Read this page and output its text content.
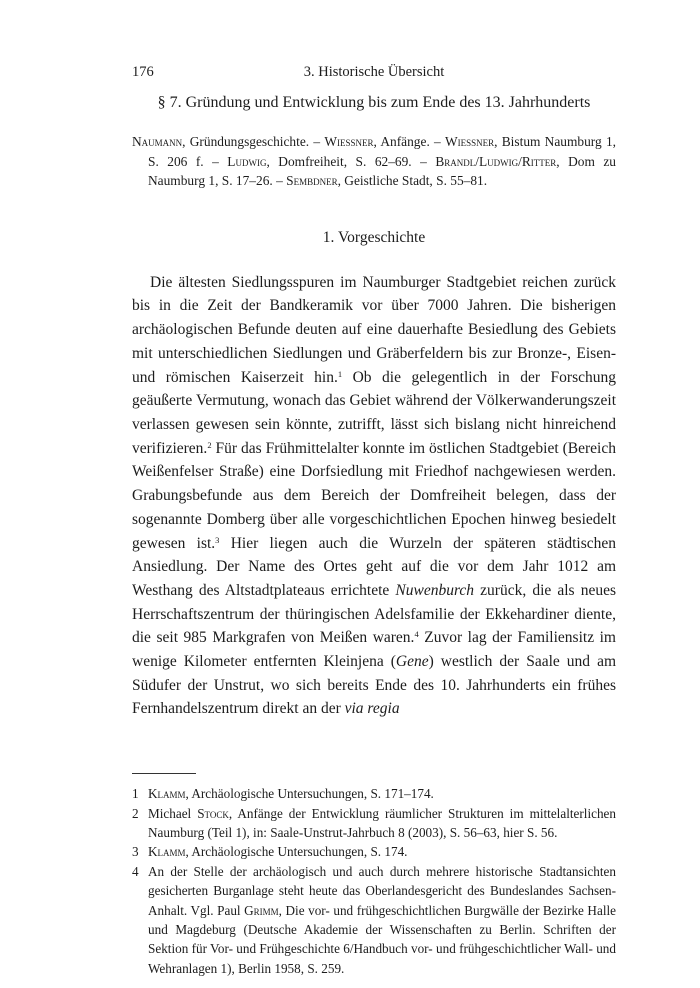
176	3. Historische Übersicht
§ 7. Gründung und Entwicklung bis zum Ende des 13. Jahrhunderts

Naumann, Gründungsgeschichte. – Wiessner, Anfänge. – Wiessner, Bistum Naumburg 1, S. 206 f. – Ludwig, Domfreiheit, S. 62–69. – Brandl/Ludwig/Ritter, Dom zu Naumburg 1, S. 17–26. – Sembdner, Geistliche Stadt, S. 55–81.

1. Vorgeschichte

Die ältesten Siedlungsspuren im Naumburger Stadtgebiet reichen zurück bis in die Zeit der Bandkeramik vor über 7000 Jahren. Die bisherigen archäologischen Befunde deuten auf eine dauerhafte Besiedlung des Gebiets mit unterschiedlichen Siedlungen und Gräberfeldern bis zur Bronze-, Eisen- und römischen Kaiserzeit hin.$^1$ Ob die gelegentlich in der Forschung geäußerte Vermutung, wonach das Gebiet während der Völkerwanderungszeit verlassen gewesen sein könnte, zutrifft, lässt sich bislang nicht hinreichend verifizieren.$^2$ Für das Frühmittelalter konnte im östlichen Stadtgebiet (Bereich Weißenfelser Straße) eine Dorfsiedlung mit Friedhof nachgewiesen werden. Grabungsbefunde aus dem Bereich der Domfreiheit belegen, dass der sogenannte Domberg über alle vorgeschichtlichen Epochen hinweg besiedelt gewesen ist.$^3$ Hier liegen auch die Wurzeln der späteren städtischen Ansiedlung. Der Name des Ortes geht auf die vor dem Jahr 1012 am Westhang des Altstadtplateaus errichtete Nuwenburch zurück, die als neues Herrschaftszentrum der thüringischen Adelsfamilie der Ekkehardiner diente, die seit 985 Markgrafen von Meißen waren.$^4$ Zuvor lag der Familiensitz im wenige Kilometer entfernten Kleinjena (Gene) westlich der Saale und am Südufer der Unstrut, wo sich bereits Ende des 10. Jahrhunderts ein frühes Fernhandelszentrum direkt an der via regia

1 Klamm, Archäologische Untersuchungen, S. 171–174.
2 Michael Stock, Anfänge der Entwicklung räumlicher Strukturen im mittelalterlichen Naumburg (Teil 1), in: Saale-Unstrut-Jahrbuch 8 (2003), S. 56–63, hier S. 56.
3 Klamm, Archäologische Untersuchungen, S. 174.
4 An der Stelle der archäologisch und auch durch mehrere historische Stadtansichten gesicherten Burganlage steht heute das Oberlandesgericht des Bundeslandes Sachsen-Anhalt. Vgl. Paul Grimm, Die vor- und frühgeschichtlichen Burgwälle der Bezirke Halle und Magdeburg (Deutsche Akademie der Wissenschaften zu Berlin. Schriften der Sektion für Vor- und Frühgeschichte 6/Handbuch vor- und frühgeschichtlicher Wall- und Wehranlagen 1), Berlin 1958, S. 259.
